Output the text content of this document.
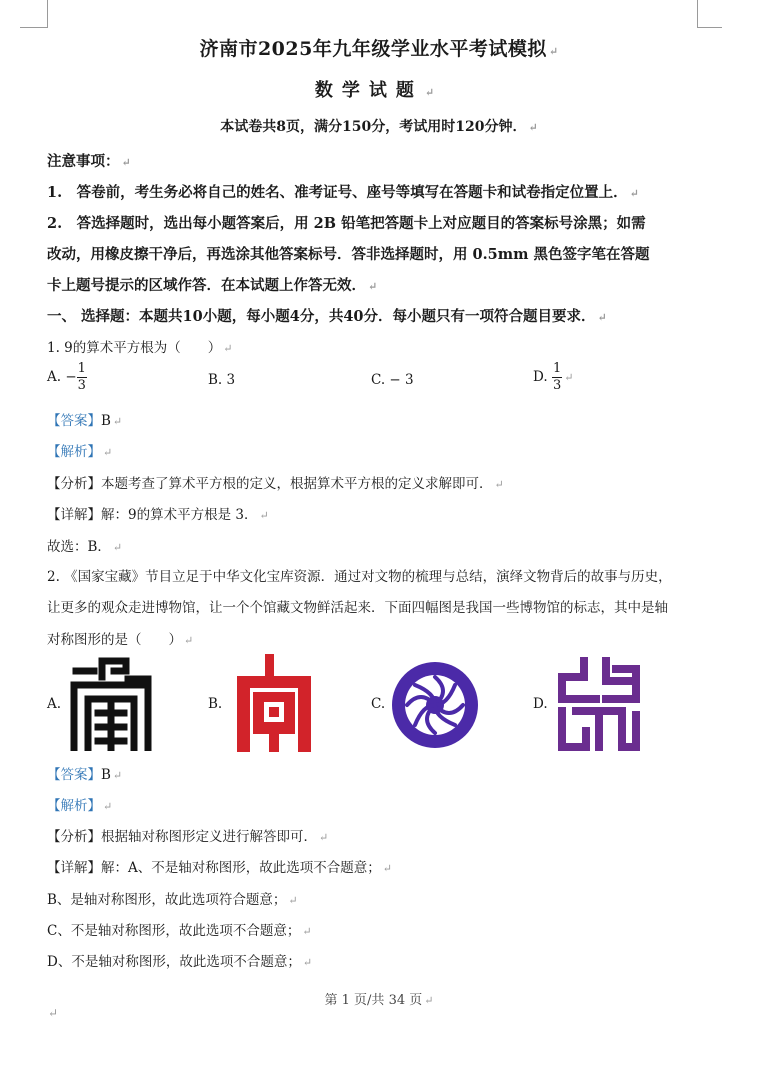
济南市2025年九年级学业水平考试模拟 ↵
数学试题 ↵
本试卷共8页，满分150分，考试用时120分钟． ↵
注意事项： ↵
1.　答卷前，考生务必将自己的姓名、准考证号、座号等填写在答题卡和试卷指定位置上． ↵
2.　答选择题时，选出每小题答案后，用 2B 铅笔把答题卡上对应题目的答案标号涂黑；如需
改动，用橡皮擦干净后，再选涂其他答案标号．答非选择题时，用 0.5mm 黑色签字笔在答题
卡上题号提示的区域作答．在本试题上作答无效． ↵
一、 选择题：本题共10小题，每小题4分，共40分．每小题只有一项符合题目要求． ↵
1. 9的算术平方根为（　　） ↵
A. − $\frac{1}{3}$	B. 3	C. − 3	D. $\frac{1}{3}$ ↵
【答案】B ↵
【解析】 ↵
【分析】本题考查了算术平方根的定义，根据算术平方根的定义求解即可． ↵
【详解】解：9的算术平方根是 3． ↵
故选：B． ↵
2. 《国家宝藏》节目立足于中华文化宝库资源．通过对文物的梳理与总结，演绎文物背后的故事与历史，
让更多的观众走进博物馆，让一个个馆藏文物鲜活起来．下面四幅图是我国一些博物馆的标志，其中是轴
对称图形的是（　　） ↵
A.	B.	C.	D.
【答案】B ↵
【解析】 ↵
【分析】根据轴对称图形定义进行解答即可． ↵
【详解】解：A、不是轴对称图形，故此选项不合题意； ↵
B、是轴对称图形，故此选项符合题意； ↵
C、不是轴对称图形，故此选项不合题意； ↵
D、不是轴对称图形，故此选项不合题意； ↵
第 1 页/共 34 页 ↵
↵
